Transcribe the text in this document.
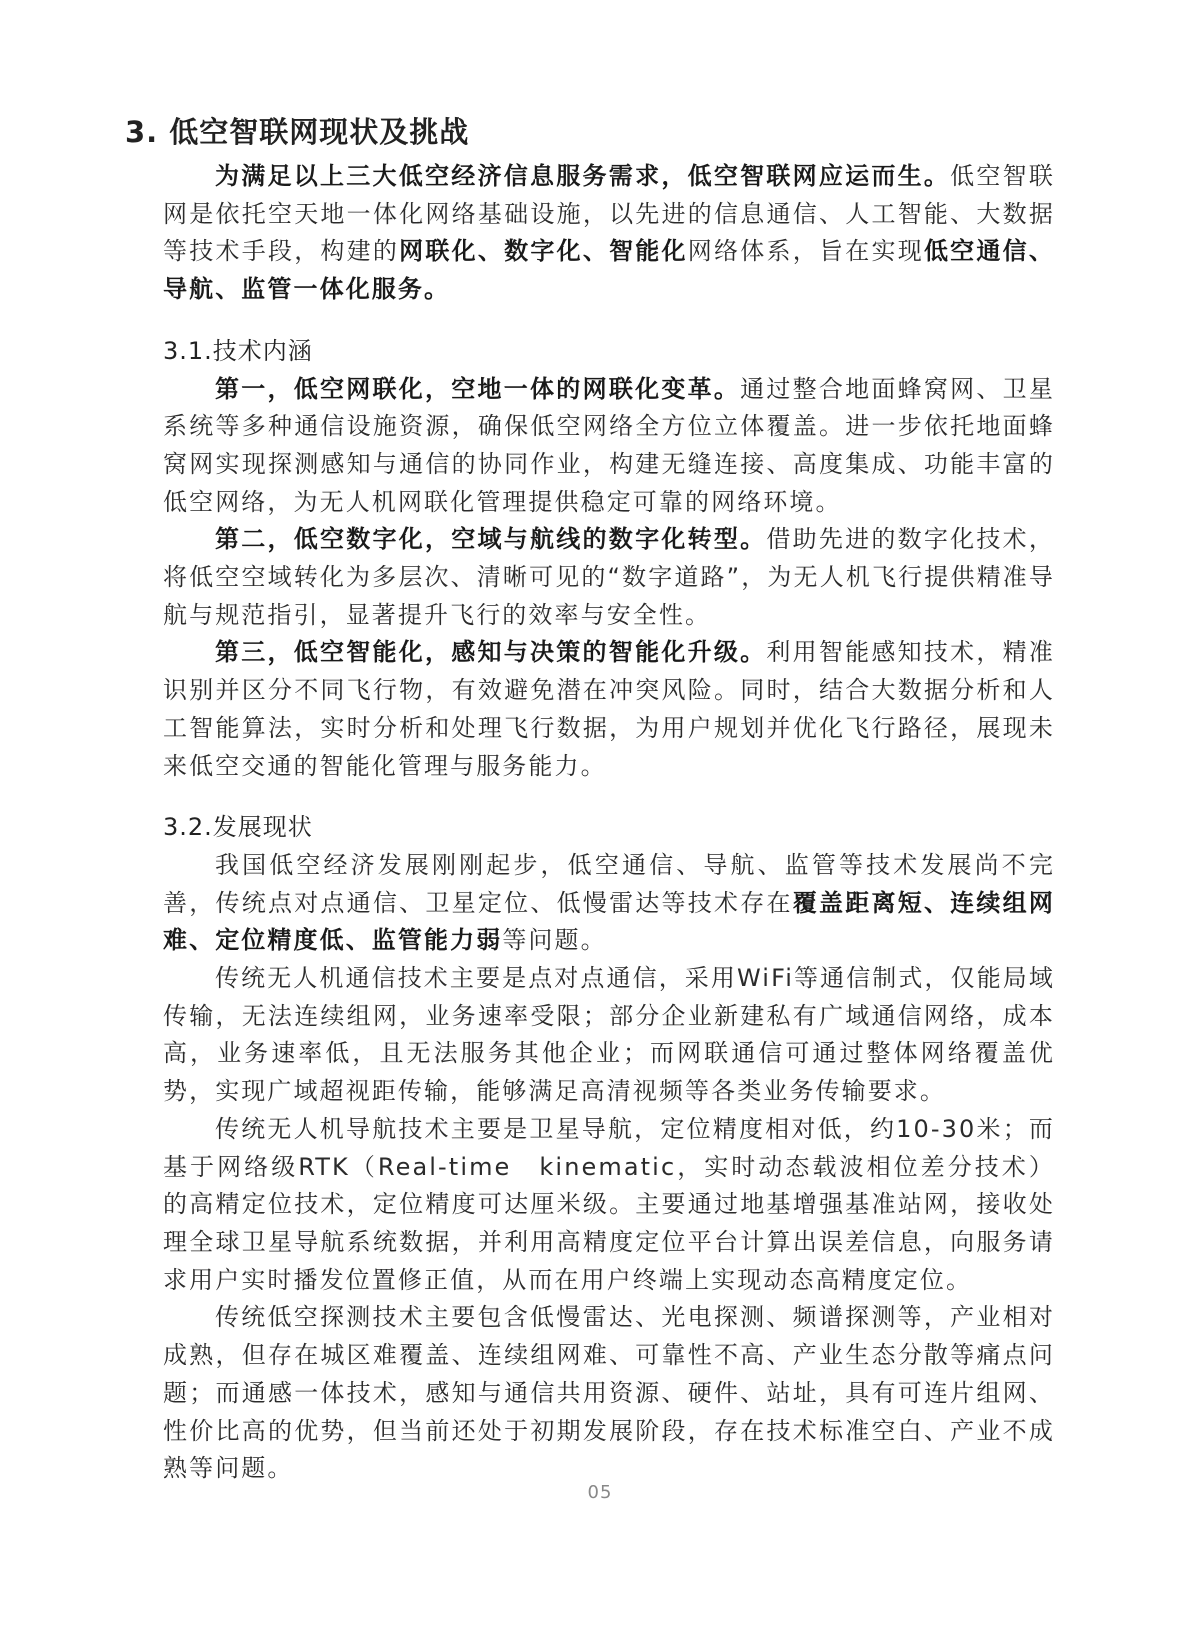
3. 低空智联网现状及挑战

为满足以上三大低空经济信息服务需求，低空智联网应运而生。低空智联网是依托空天地一体化网络基础设施，以先进的信息通信、人工智能、大数据等技术手段，构建的网联化、数字化、智能化网络体系，旨在实现低空通信、导航、监管一体化服务。

3.1.技术内涵

第一，低空网联化，空地一体的网联化变革。通过整合地面蜂窝网、卫星系统等多种通信设施资源，确保低空网络全方位立体覆盖。进一步依托地面蜂窝网实现探测感知与通信的协同作业，构建无缝连接、高度集成、功能丰富的低空网络，为无人机网联化管理提供稳定可靠的网络环境。

第二，低空数字化，空域与航线的数字化转型。借助先进的数字化技术，将低空空域转化为多层次、清晰可见的“数字道路”，为无人机飞行提供精准导航与规范指引，显著提升飞行的效率与安全性。

第三，低空智能化，感知与决策的智能化升级。利用智能感知技术，精准识别并区分不同飞行物，有效避免潜在冲突风险。同时，结合大数据分析和人工智能算法，实时分析和处理飞行数据，为用户规划并优化飞行路径，展现未来低空交通的智能化管理与服务能力。

3.2.发展现状

我国低空经济发展刚刚起步，低空通信、导航、监管等技术发展尚不完善，传统点对点通信、卫星定位、低慢雷达等技术存在覆盖距离短、连续组网难、定位精度低、监管能力弱等问题。

传统无人机通信技术主要是点对点通信，采用WiFi等通信制式，仅能局域传输，无法连续组网，业务速率受限；部分企业新建私有广域通信网络，成本高，业务速率低，且无法服务其他企业；而网联通信可通过整体网络覆盖优势，实现广域超视距传输，能够满足高清视频等各类业务传输要求。

传统无人机导航技术主要是卫星导航，定位精度相对低，约10-30米；而基于网络级RTK（Real-time　kinematic，实时动态载波相位差分技术）的高精定位技术，定位精度可达厘米级。主要通过地基增强基准站网，接收处理全球卫星导航系统数据，并利用高精度定位平台计算出误差信息，向服务请求用户实时播发位置修正值，从而在用户终端上实现动态高精度定位。

传统低空探测技术主要包含低慢雷达、光电探测、频谱探测等，产业相对成熟，但存在城区难覆盖、连续组网难、可靠性不高、产业生态分散等痛点问题；而通感一体技术，感知与通信共用资源、硬件、站址，具有可连片组网、性价比高的优势，但当前还处于初期发展阶段，存在技术标准空白、产业不成熟等问题。

05
